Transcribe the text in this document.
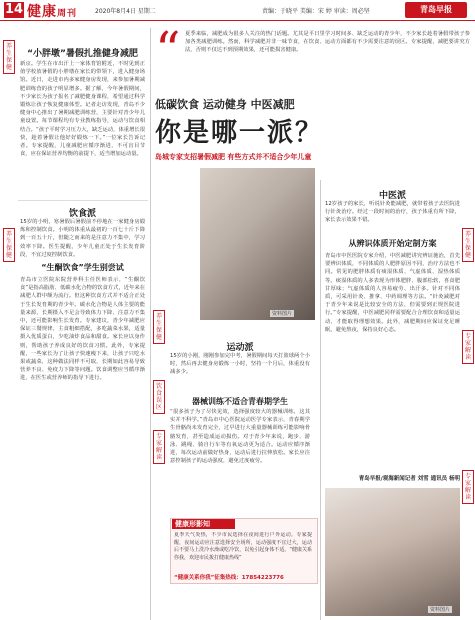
14 健康周刊	2020年8月4日 星期二	责编：于晓平 美编：宋 婷 审读：周必坚	青岛早报
养生保健
养生保健
“小胖墩”暑假扎推健身减肥
新京。学生在市出汗上一家体育馆附近，不时见到正值学校放暑假的小胖墩在家长的带领下，进入健身场馆。近日，走进市内多家健身房发现，来参加暑期减肥训练营的孩子明显增多。据了解，今年暑假期间，不少家长为孩子报名了减肥健身课程，希望通过科学锻炼让孩子恢复健康体型。记者走访发现，青岛不少健身中心推出了暑期减肥训练营，主要针对青少年儿童设置。每节课程均有专业教练指导，运动与饮食相结合。“孩子平时学习压力大，缺乏运动，体重增长很快，趁着暑假让他好好锻炼一下。”一位家长告诉记者。专家提醒，儿童减肥应循序渐进，不可盲目节食，应在保证营养均衡的前提下，适当增加运动量。
“ 夏季来临，减肥成为很多人关注的热门话题。尤其是平日里学习时间多、缺乏运动的青少年，不少家长趁着暑假带孩子参加各类减肥训练。然而，科学减肥并非一味节食，在饮食、运动方面都有不少需要注意的误区。专家提醒，减肥要讲究方法，否则不仅达不到预期效果，还可能损害健康。
低碳饮食 运动健身 中医减肥
你是哪一派？
岛城专家支招暑假减肥 有些方式并不适合少年儿童
资料图片
饮食派
15岁的小明，寒暑假后暑假前不停地在一家健身房锻炼和控制饮食。小明的体重从最初的一百七十斤下降到一百五十斤，但随之而来的是注意力不集中，学习效率下降。医生提醒，少年儿童正处于生长发育阶段，不宜过度控制饮食。
“生酮饮食”学生别尝试
青岛市立医院东院营养科主任医师表示，“生酮饮食”是指高脂肪、低碳水化合物的饮食方式，近年来在减肥人群中颇为流行。但这种饮食方式并不适合正处于生长发育期的青少年。碳水化合物是人体主要的能量来源，长期摄入不足会导致体力下降、注意力不集中，还可能影响生长发育。专家建议，青少年减肥应保证三餐规律，主食粗细搭配，多吃蔬菜水果，适量摄入优质蛋白，少吃油炸食品和甜食。家长应以身作则，帮助孩子养成良好的饮食习惯。此外，专家提醒，一些家长为了让孩子快速瘦下来，让孩子只吃水果或蔬菜，这种做法同样不可取，长期如此容易导致营养不良、免疫力下降等问题。饮食调整应当循序渐进，在医生或营养师的指导下进行。
养生保健
饮食误区
专家解读
运动派
15岁的小刚，刚刚参加完中考，暑假期间每天打篮球两个小时，然后再去健身房锻炼一小时，坚持一个月后，体重没有减多少。
器械训练不适合青春期学生
“很多孩子为了尽快见效，选择强度较大的器械训练，这其实并不科学。”青岛市中心医院运动医学专家表示，青春期学生骨骼尚未发育完全，过早进行大重量器械训练可能影响骨骼发育，甚至造成运动损伤。对于青少年来说，跑步、游泳、跳绳、骑自行车等有氧运动更为适合。运动应循序渐进，每次运动前做好热身，运动后进行拉伸放松。家长应注意控制孩子的运动强度，避免过度疲劳。
健康形影知
夏季天气炎热，不少市民选择在夜间进行户外运动。专家提醒，夜间运动应注意选择安全场所，运动强度不宜过大，运动后不要马上洗冷水澡或吃冷饮，以免引起身体不适。“健康关系你我，欢迎市民拨打健康热线”
“健康关系你我”征集热线：17854223776
养生保健
专家解读
专家解读
中医派
12岁孩子的家长，听说针灸能减肥，就带着孩子去医院进行针灸治疗。经过一段时间的治疗，孩子体重有所下降，家长表示效果不错。
从辨识体质开始定制方案
青岛市中医医院专家介绍，中医减肥讲究辨证施治，首先要辨识体质，不同体质的人肥胖原因不同，治疗方法也不同。常见的肥胖体质有痰湿体质、气虚体质、湿热体质等。痰湿体质的人多表现为形体肥胖、腹部松软，喜食肥甘厚味；气虚体质的人容易疲劳、出汗多。针对不同体质，可采用针灸、推拿、中药调理等方法。“针灸减肥对于青少年来说是比较安全的方法，但需要到正规医院进行。”专家提醒，中医减肥同样需要配合合理饮食和适量运动，才能取得理想效果。此外，减肥期间应保证充足睡眠，避免熬夜，保持良好心态。
青岛早报/观海新闻记者 刘雪 通讯员 杨明
资料图片
